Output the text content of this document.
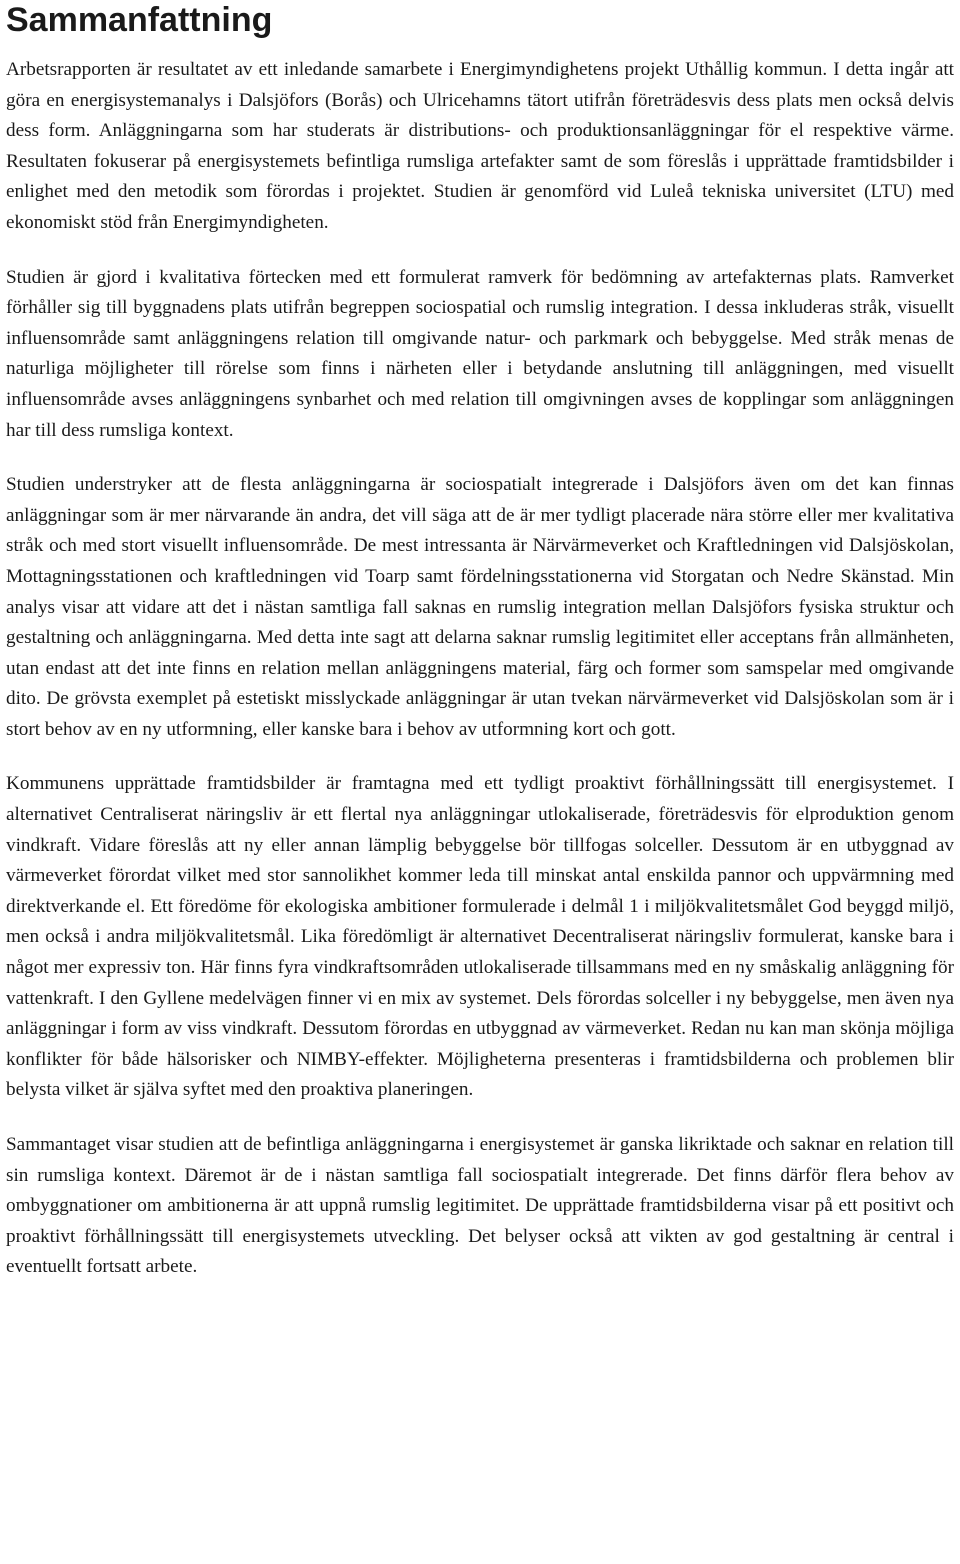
Sammanfattning

Arbetsrapporten är resultatet av ett inledande samarbete i Energimyndighetens projekt Uthållig kommun. I detta ingår att göra en energisystemanalys i Dalsjöfors (Borås) och Ulricehamns tätort utifrån företrädesvis dess plats men också delvis dess form. Anläggningarna som har studerats är distributions- och produktionsanläggningar för el respektive värme. Resultaten fokuserar på energisystemets befintliga rumsliga artefakter samt de som föreslås i upprättade framtidsbilder i enlighet med den metodik som förordas i projektet. Studien är genomförd vid Luleå tekniska universitet (LTU) med ekonomiskt stöd från Energimyndigheten.

Studien är gjord i kvalitativa förtecken med ett formulerat ramverk för bedömning av artefakternas plats. Ramverket förhåller sig till byggnadens plats utifrån begreppen sociospatial och rumslig integration. I dessa inkluderas stråk, visuellt influensområde samt anläggningens relation till omgivande natur- och parkmark och bebyggelse. Med stråk menas de naturliga möjligheter till rörelse som finns i närheten eller i betydande anslutning till anläggningen, med visuellt influensområde avses anläggningens synbarhet och med relation till omgivningen avses de kopplingar som anläggningen har till dess rumsliga kontext.

Studien understryker att de flesta anläggningarna är sociospatialt integrerade i Dalsjöfors även om det kan finnas anläggningar som är mer närvarande än andra, det vill säga att de är mer tydligt placerade nära större eller mer kvalitativa stråk och med stort visuellt influensområde. De mest intressanta är Närvärmeverket och Kraftledningen vid Dalsjöskolan, Mottagningsstationen och kraftledningen vid Toarp samt fördelningsstationerna vid Storgatan och Nedre Skänstad. Min analys visar att vidare att det i nästan samtliga fall saknas en rumslig integration mellan Dalsjöfors fysiska struktur och gestaltning och anläggningarna. Med detta inte sagt att delarna saknar rumslig legitimitet eller acceptans från allmänheten, utan endast att det inte finns en relation mellan anläggningens material, färg och former som samspelar med omgivande dito. De grövsta exemplet på estetiskt misslyckade anläggningar är utan tvekan närvärmeverket vid Dalsjöskolan som är i stort behov av en ny utformning, eller kanske bara i behov av utformning kort och gott.

Kommunens upprättade framtidsbilder är framtagna med ett tydligt proaktivt förhållningssätt till energisystemet. I alternativet Centraliserat näringsliv är ett flertal nya anläggningar utlokaliserade, företrädesvis för elproduktion genom vindkraft. Vidare föreslås att ny eller annan lämplig bebyggelse bör tillfogas solceller. Dessutom är en utbyggnad av värmeverket förordat vilket med stor sannolikhet kommer leda till minskat antal enskilda pannor och uppvärmning med direktverkande el. Ett föredöme för ekologiska ambitioner formulerade i delmål 1 i miljökvalitetsmålet God beyggd miljö, men också i andra miljökvalitetsmål. Lika föredömligt är alternativet Decentraliserat näringsliv formulerat, kanske bara i något mer expressiv ton. Här finns fyra vindkraftsområden utlokaliserade tillsammans med en ny småskalig anläggning för vattenkraft. I den Gyllene medelvägen finner vi en mix av systemet. Dels förordas solceller i ny bebyggelse, men även nya anläggningar i form av viss vindkraft. Dessutom förordas en utbyggnad av värmeverket. Redan nu kan man skönja möjliga konflikter för både hälsorisker och NIMBY-effekter. Möjligheterna presenteras i framtidsbilderna och problemen blir belysta vilket är själva syftet med den proaktiva planeringen.

Sammantaget visar studien att de befintliga anläggningarna i energisystemet är ganska likriktade och saknar en relation till sin rumsliga kontext. Däremot är de i nästan samtliga fall sociospatialt integrerade. Det finns därför flera behov av ombyggnationer om ambitionerna är att uppnå rumslig legitimitet. De upprättade framtidsbilderna visar på ett positivt och proaktivt förhållningssätt till energisystemets utveckling. Det belyser också att vikten av god gestaltning är central i eventuellt fortsatt arbete.
